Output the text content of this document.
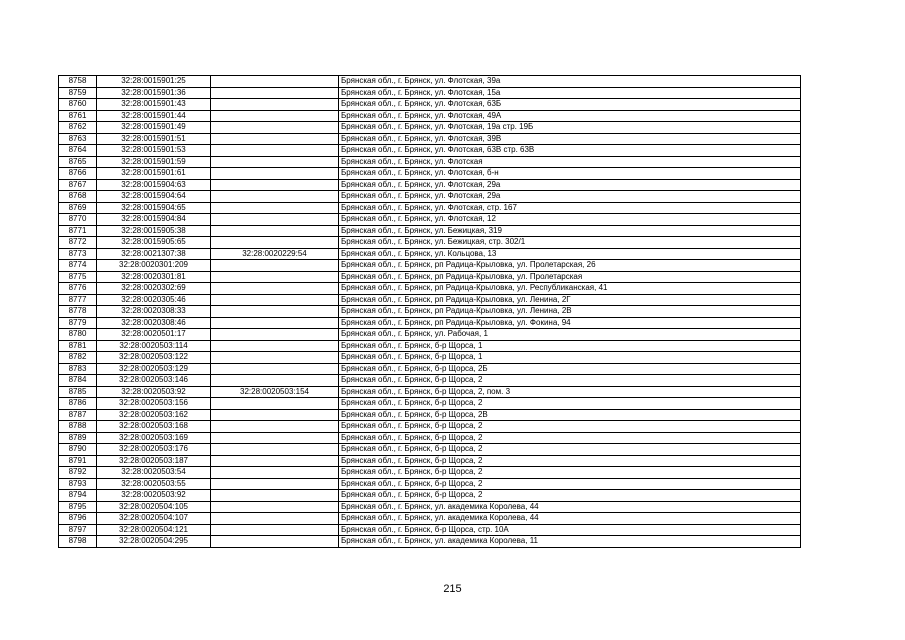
8758	32:28:0015901:25		Брянская обл., г. Брянск, ул. Флотская, 39а
8759	32:28:0015901:36		Брянская обл., г. Брянск, ул. Флотская, 15а
8760	32:28:0015901:43		Брянская обл., г. Брянск, ул. Флотская, 63Б
8761	32:28:0015901:44		Брянская обл., г. Брянск, ул. Флотская, 49А
8762	32:28:0015901:49		Брянская обл., г. Брянск, ул. Флотская, 19а стр. 19Б
8763	32:28:0015901:51		Брянская обл., г. Брянск, ул. Флотская, 39В
8764	32:28:0015901:53		Брянская обл., г. Брянск, ул. Флотская, 63В стр. 63В
8765	32:28:0015901:59		Брянская обл., г. Брянск, ул. Флотская
8766	32:28:0015901:61		Брянская обл., г. Брянск, ул. Флотская, б-н
8767	32:28:0015904:63		Брянская обл., г. Брянск, ул. Флотская, 29а
8768	32:28:0015904:64		Брянская обл., г. Брянск, ул. Флотская, 29а
8769	32:28:0015904:65		Брянская обл., г. Брянск, ул. Флотская, стр. 167
8770	32:28:0015904:84		Брянская обл., г. Брянск, ул. Флотская, 12
8771	32:28:0015905:38		Брянская обл., г. Брянск, ул. Бежицкая, 319
8772	32:28:0015905:65		Брянская обл., г. Брянск, ул. Бежицкая, стр. 302/1
8773	32:28:0021307:38	32:28:0020229:54	Брянская обл., г. Брянск, ул. Кольцова, 13
8774	32:28:0020301:209		Брянская обл., г. Брянск, рп Радица-Крыловка, ул. Пролетарская, 26
8775	32:28:0020301:81		Брянская обл., г. Брянск, рп Радица-Крыловка, ул. Пролетарская
8776	32:28:0020302:69		Брянская обл., г. Брянск, рп Радица-Крыловка, ул. Республиканская, 41
8777	32:28:0020305:46		Брянская обл., г. Брянск, рп Радица-Крыловка, ул. Ленина, 2Г
8778	32:28:0020308:33		Брянская обл., г. Брянск, рп Радица-Крыловка, ул. Ленина, 2В
8779	32:28:0020308:46		Брянская обл., г. Брянск, рп Радица-Крыловка, ул. Фокина, 94
8780	32:28:0020501:17		Брянская обл., г. Брянск, ул. Рабочая, 1
8781	32:28:0020503:114		Брянская обл., г. Брянск, б-р Щорса, 1
8782	32:28:0020503:122		Брянская обл., г. Брянск, б-р Щорса, 1
8783	32:28:0020503:129		Брянская обл., г. Брянск, б-р Щорса, 2Б
8784	32:28:0020503:146		Брянская обл., г. Брянск, б-р Щорса, 2
8785	32:28:0020503:92	32:28:0020503:154	Брянская обл., г. Брянск, б-р Щорса, 2, пом. 3
8786	32:28:0020503:156		Брянская обл., г. Брянск, б-р Щорса, 2
8787	32:28:0020503:162		Брянская обл., г. Брянск, б-р Щорса, 2В
8788	32:28:0020503:168		Брянская обл., г. Брянск, б-р Щорса, 2
8789	32:28:0020503:169		Брянская обл., г. Брянск, б-р Щорса, 2
8790	32:28:0020503:176		Брянская обл., г. Брянск, б-р Щорса, 2
8791	32:28:0020503:187		Брянская обл., г. Брянск, б-р Щорса, 2
8792	32:28:0020503:54		Брянская обл., г. Брянск, б-р Щорса, 2
8793	32:28:0020503:55		Брянская обл., г. Брянск, б-р Щорса, 2
8794	32:28:0020503:92		Брянская обл., г. Брянск, б-р Щорса, 2
8795	32:28:0020504:105		Брянская обл., г. Брянск, ул. академика Королева, 44
8796	32:28:0020504:107		Брянская обл., г. Брянск, ул. академика Королева, 44
8797	32:28:0020504:121		Брянская обл., г. Брянск, б-р Щорса, стр. 10А
8798	32:28:0020504:295		Брянская обл., г. Брянск, ул. академика Королева, 11
215
